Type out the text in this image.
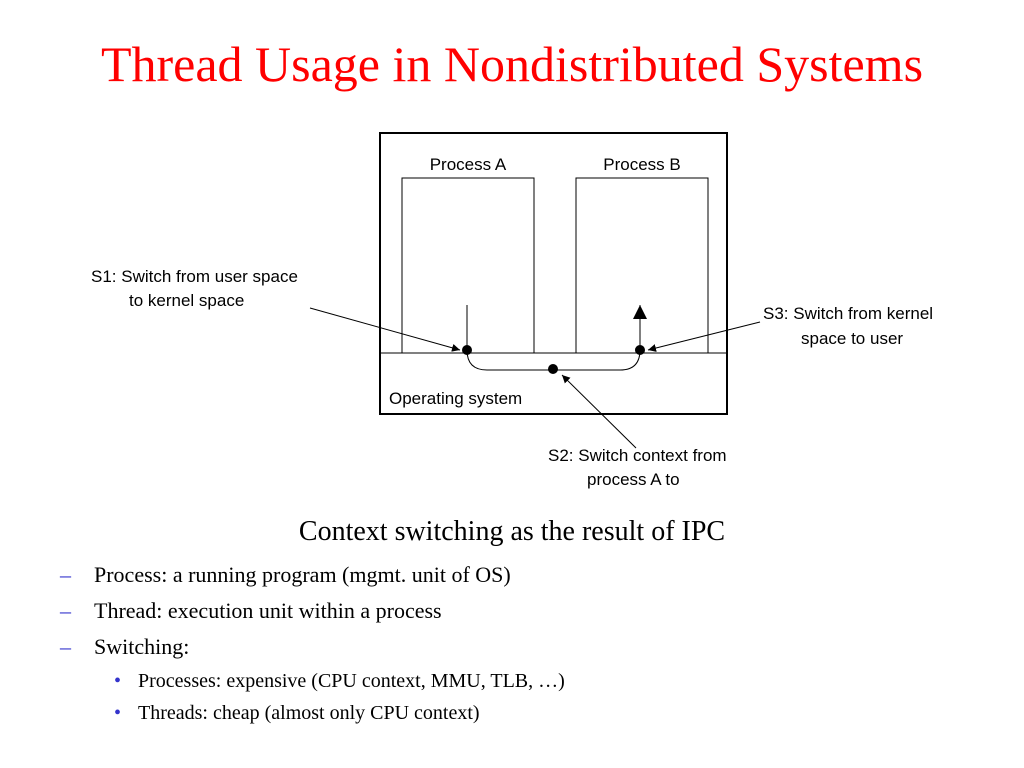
Thread Usage in Nondistributed Systems
Process A	Process B
Operating system
S1: Switch from user space
to kernel space
S3: Switch from kernel
space to user
S2: Switch context from
process A to
Context switching as the result of IPC
– Process: a running program (mgmt. unit of OS)
– Thread: execution unit within a process
– Switching:
• Processes: expensive (CPU context, MMU, TLB, …)
• Threads: cheap (almost only CPU context)
